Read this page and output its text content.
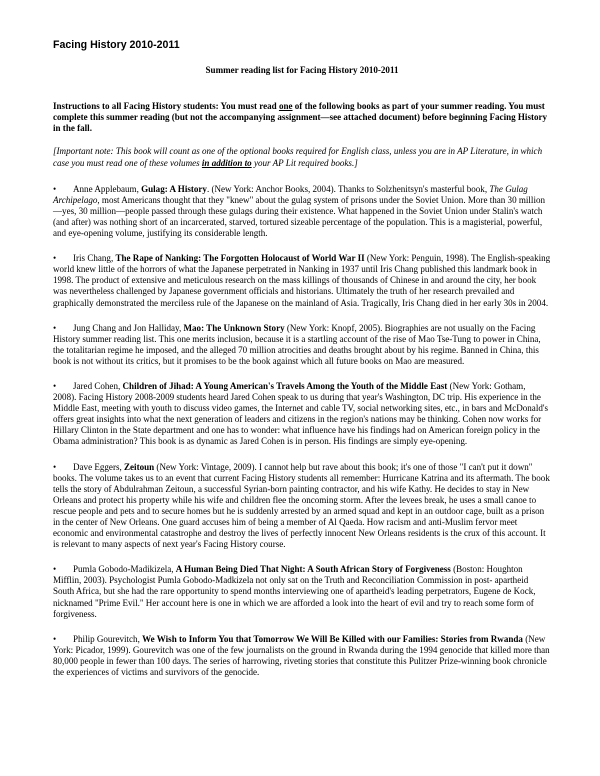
Facing History 2010-2011
Summer reading list for Facing History 2010-2011

Instructions to all Facing History students: You must read one of the following books as part of your summer reading. You must complete this summer reading (but not the accompanying assignment—see attached document) before beginning Facing History in the fall.

[Important note: This book will count as one of the optional books required for English class, unless you are in AP Literature, in which case you must read one of these volumes in addition to your AP Lit required books.]

• Anne Applebaum, Gulag: A History. (New York: Anchor Books, 2004). Thanks to Solzhenitsyn's masterful book, The Gulag Archipelago, most Americans thought that they "knew" about the gulag system of prisons under the Soviet Union. More than 30 million—yes, 30 million—people passed through these gulags during their existence. What happened in the Soviet Union under Stalin's watch (and after) was nothing short of an incarcerated, starved, tortured sizeable percentage of the population. This is a magisterial, powerful, and eye-opening volume, justifying its considerable length.

• Iris Chang, The Rape of Nanking: The Forgotten Holocaust of World War II (New York: Penguin, 1998). The English-speaking world knew little of the horrors of what the Japanese perpetrated in Nanking in 1937 until Iris Chang published this landmark book in 1998. The product of extensive and meticulous research on the mass killings of thousands of Chinese in and around the city, her book was nevertheless challenged by Japanese government officials and historians. Ultimately the truth of her research prevailed and graphically demonstrated the merciless rule of the Japanese on the mainland of Asia. Tragically, Iris Chang died in her early 30s in 2004.

• Jung Chang and Jon Halliday, Mao: The Unknown Story (New York: Knopf, 2005). Biographies are not usually on the Facing History summer reading list. This one merits inclusion, because it is a startling account of the rise of Mao Tse-Tung to power in China, the totalitarian regime he imposed, and the alleged 70 million atrocities and deaths brought about by his regime. Banned in China, this book is not without its critics, but it promises to be the book against which all future books on Mao are measured.

• Jared Cohen, Children of Jihad: A Young American's Travels Among the Youth of the Middle East (New York: Gotham, 2008). Facing History 2008-2009 students heard Jared Cohen speak to us during that year's Washington, DC trip. His experience in the Middle East, meeting with youth to discuss video games, the Internet and cable TV, social networking sites, etc., in bars and McDonald's offers great insights into what the next generation of leaders and citizens in the region's nations may be thinking. Cohen now works for Hillary Clinton in the State department and one has to wonder: what influence have his findings had on American foreign policy in the Obama administration? This book is as dynamic as Jared Cohen is in person. His findings are simply eye-opening.

• Dave Eggers, Zeitoun (New York: Vintage, 2009). I cannot help but rave about this book; it's one of those "I can't put it down" books. The volume takes us to an event that current Facing History students all remember: Hurricane Katrina and its aftermath. The book tells the story of Abdulrahman Zeitoun, a successful Syrian-born painting contractor, and his wife Kathy. He decides to stay in New Orleans and protect his property while his wife and children flee the oncoming storm. After the levees break, he uses a small canoe to rescue people and pets and to secure homes but he is suddenly arrested by an armed squad and kept in an outdoor cage, built as a prison in the center of New Orleans. One guard accuses him of being a member of Al Qaeda. How racism and anti-Muslim fervor meet economic and environmental catastrophe and destroy the lives of perfectly innocent New Orleans residents is the crux of this account. It is relevant to many aspects of next year's Facing History course.

• Pumla Gobodo-Madikizela, A Human Being Died That Night: A South African Story of Forgiveness (Boston: Houghton Mifflin, 2003). Psychologist Pumla Gobodo-Madkizela not only sat on the Truth and Reconciliation Commission in post- apartheid South Africa, but she had the rare opportunity to spend months interviewing one of apartheid's leading perpetrators, Eugene de Kock, nicknamed "Prime Evil." Her account here is one in which we are afforded a look into the heart of evil and try to reach some form of forgiveness.

• Philip Gourevitch, We Wish to Inform You that Tomorrow We Will Be Killed with our Families: Stories from Rwanda (New York: Picador, 1999). Gourevitch was one of the few journalists on the ground in Rwanda during the 1994 genocide that killed more than 80,000 people in fewer than 100 days. The series of harrowing, riveting stories that constitute this Pulitzer Prize-winning book chronicle the experiences of victims and survivors of the genocide.
